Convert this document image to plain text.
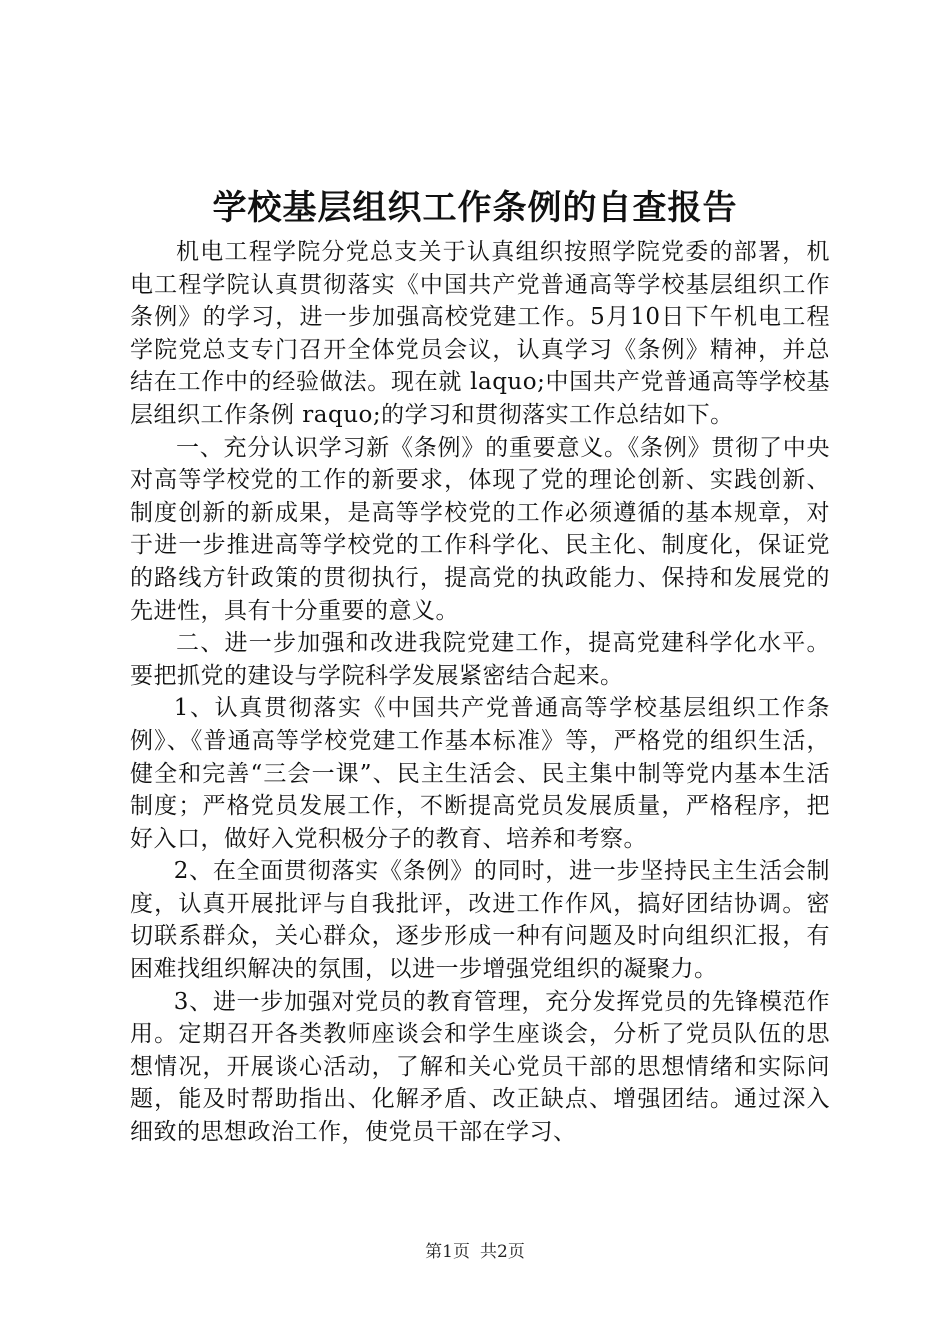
学校基层组织工作条例的自查报告

机电工程学院分党总支关于认真组织按照学院党委的部署，机电工程学院认真贯彻落实《中国共产党普通高等学校基层组织工作条例》的学习，进一步加强高校党建工作。5月10日下午机电工程学院党总支专门召开全体党员会议，认真学习《条例》精神，并总结在工作中的经验做法。现在就 laquo;中国共产党普通高等学校基层组织工作条例 raquo;的学习和贯彻落实工作总结如下。

一、充分认识学习新《条例》的重要意义。《条例》贯彻了中央对高等学校党的工作的新要求，体现了党的理论创新、实践创新、制度创新的新成果，是高等学校党的工作必须遵循的基本规章，对于进一步推进高等学校党的工作科学化、民主化、制度化，保证党的路线方针政策的贯彻执行，提高党的执政能力、保持和发展党的先进性，具有十分重要的意义。

二、进一步加强和改进我院党建工作，提高党建科学化水平。要把抓党的建设与学院科学发展紧密结合起来。

1、认真贯彻落实《中国共产党普通高等学校基层组织工作条例》、《普通高等学校党建工作基本标准》等，严格党的组织生活，健全和完善“三会一课”、民主生活会、民主集中制等党内基本生活制度；严格党员发展工作，不断提高党员发展质量，严格程序，把好入口，做好入党积极分子的教育、培养和考察。

2、在全面贯彻落实《条例》的同时，进一步坚持民主生活会制度，认真开展批评与自我批评，改进工作作风，搞好团结协调。密切联系群众，关心群众，逐步形成一种有问题及时向组织汇报，有困难找组织解决的氛围，以进一步增强党组织的凝聚力。

3、进一步加强对党员的教育管理，充分发挥党员的先锋模范作用。定期召开各类教师座谈会和学生座谈会，分析了党员队伍的思想情况，开展谈心活动，了解和关心党员干部的思想情绪和实际问题，能及时帮助指出、化解矛盾、改正缺点、增强团结。通过深入细致的思想政治工作，使党员干部在学习、

第1页 共2页
